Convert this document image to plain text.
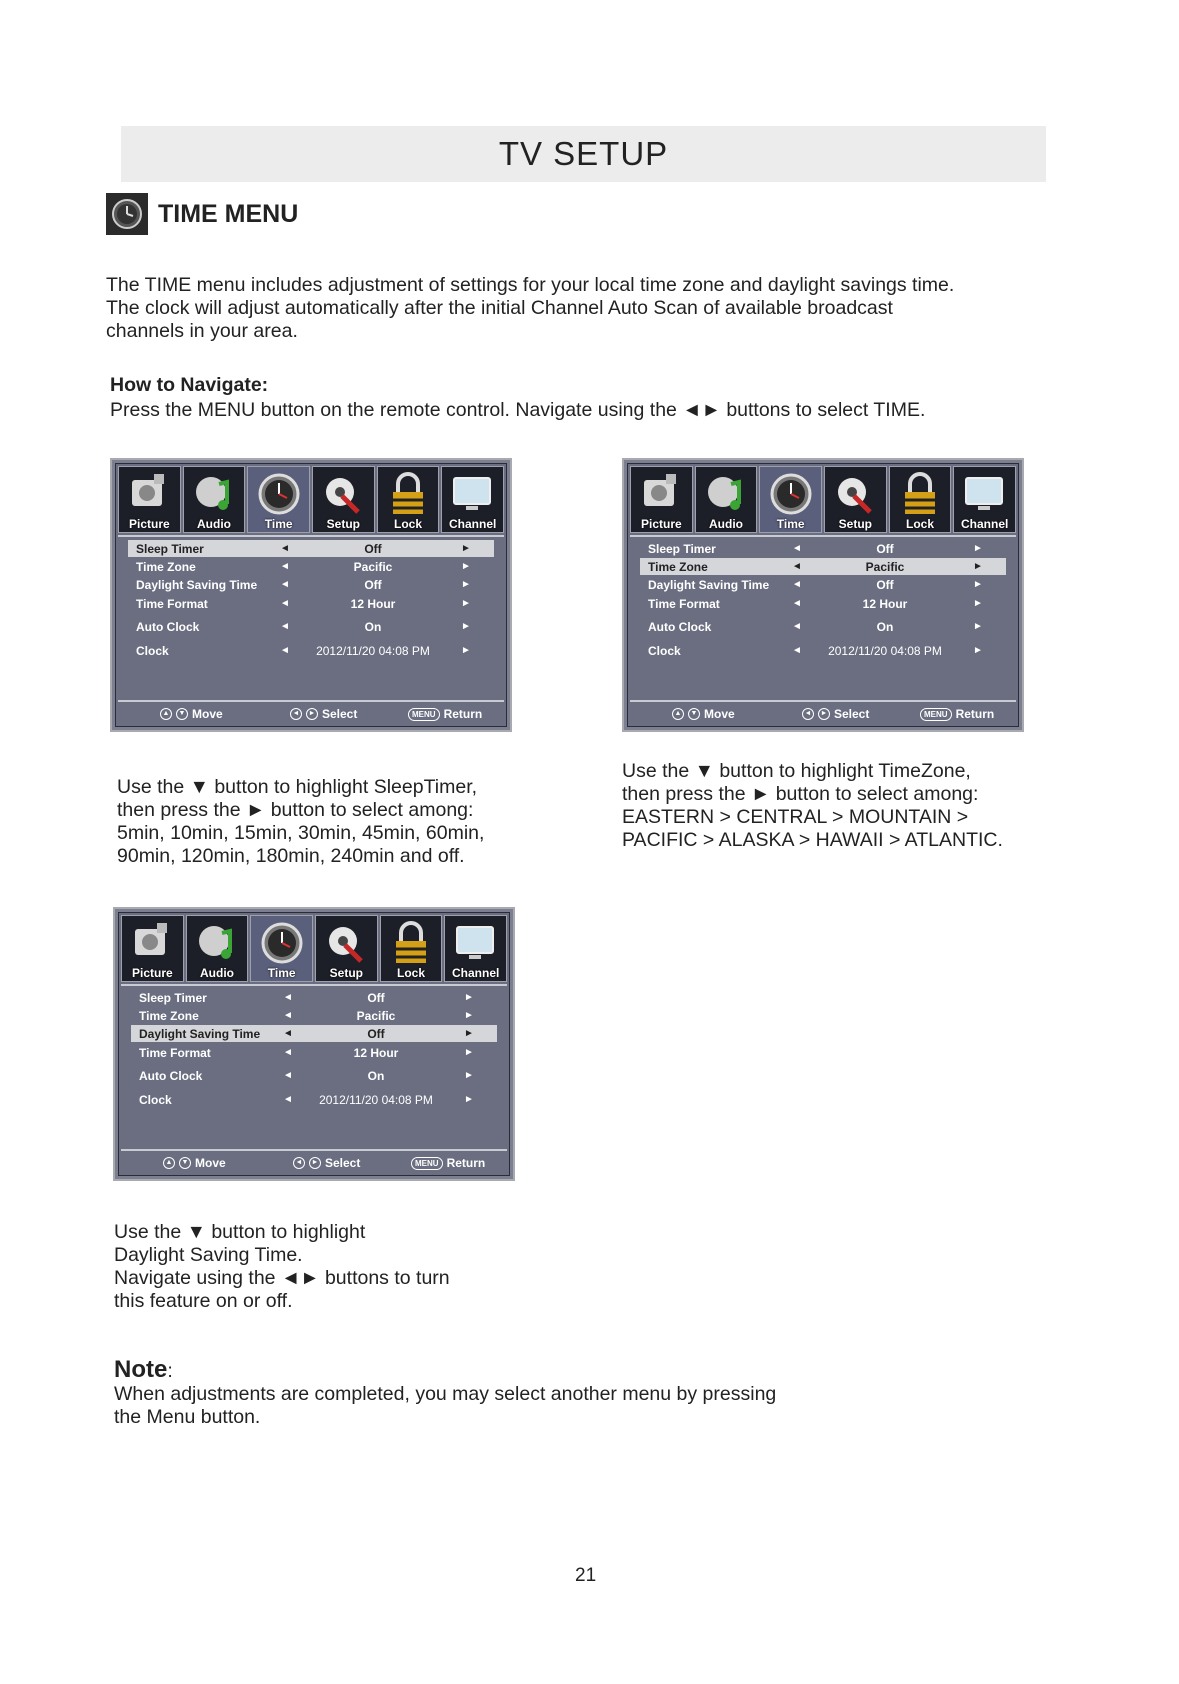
TV SETUP
TIME MENU

The TIME menu includes adjustment of settings for your local time zone and daylight savings time.

The clock will adjust automatically after the initial Channel Auto Scan of available broadcast

channels in your area.

How to Navigate:

Press the MENU button on the remote control. Navigate using the ◄► buttons to select TIME.

Picture	Audio	Time	Setup	Lock	Channel
Sleep Timer	◄	Off	►
Time Zone	◄	Pacific	►
Daylight Saving Time ◄	Off	►
Time Format	◄	12 Hour	►
Auto Clock	◄	On	►
Clock	◄	2012/11/20 04:08 PM	►
▲	▼ Move	◄	► Select	MENU Return
Picture	Audio	Time	Setup	Lock	Channel
Sleep Timer	◄	Off	►
Time Zone	◄	Pacific	►
Daylight Saving Time ◄	Off	►
Time Format	◄	12 Hour	►
Auto Clock	◄	On	►
Clock	◄	2012/11/20 04:08 PM	►
▲	▼ Move	◄	► Select	MENU Return
Picture	Audio	Time	Setup	Lock	Channel
Sleep Timer	◄	Off	►
Time Zone	◄	Pacific	►
Daylight Saving Time ◄	Off	►
Time Format	◄	12 Hour	►
Auto Clock	◄	On	►
Clock	◄	2012/11/20 04:08 PM	►
▲	▼ Move	◄	► Select	MENU Return

Use the ▼ button to highlight SleepTimer,

then press the ► button to select among:

5min, 10min, 15min, 30min, 45min, 60min,

90min, 120min, 180min, 240min and off.

Use the ▼ button to highlight TimeZone,

then press the ► button to select among:

EASTERN > CENTRAL > MOUNTAIN >

PACIFIC > ALASKA > HAWAII > ATLANTIC.

Use the ▼ button to highlight

Daylight Saving Time.

Navigate using the ◄► buttons to turn

this feature on or off.

Note:

When adjustments are completed, you may select another menu by pressing

the Menu button.

21
